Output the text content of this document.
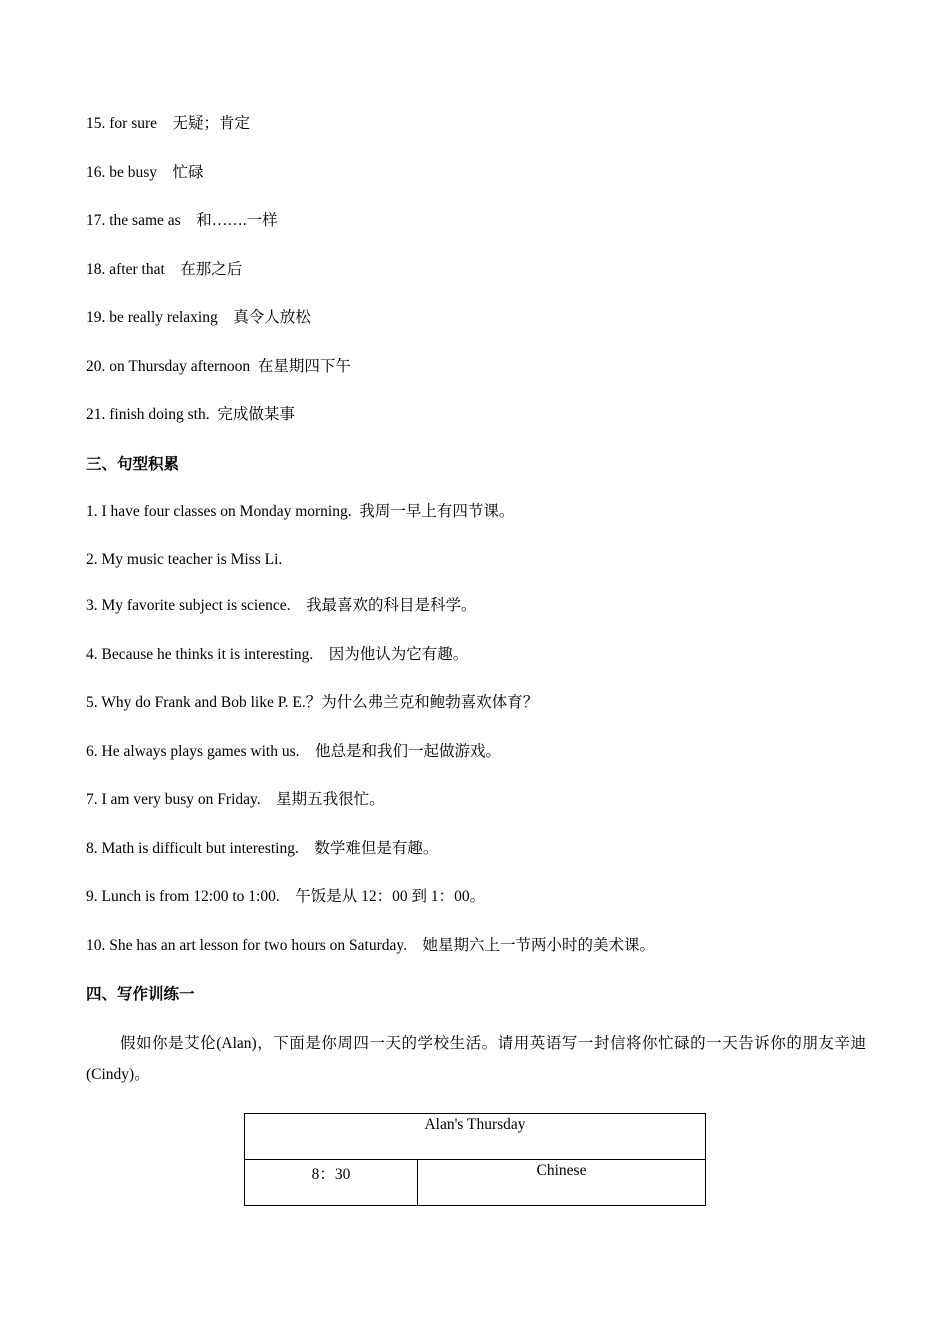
15. for sure　无疑；肯定
16. be busy　忙碌
17. the same as　和…….一样
18. after that　在那之后
19. be really relaxing　真令人放松
20. on Thursday afternoon  在星期四下午
21. finish doing sth.  完成做某事
三、句型积累
1. I have four classes on Monday morning.  我周一早上有四节课。
2. My music teacher is Miss Li.
3. My favorite subject is science.　我最喜欢的科目是科学。
4. Because he thinks it is interesting.　因为他认为它有趣。
5. Why do Frank and Bob like P. E.？为什么弗兰克和鲍勃喜欢体育？
6. He always plays games with us.　他总是和我们一起做游戏。
7. I am very busy on Friday.　星期五我很忙。
8. Math is difficult but interesting.　数学难但是有趣。
9. Lunch is from 12:00 to 1:00.　午饭是从 12：00 到 1：00。
10. She has an art lesson for two hours on Saturday.　她星期六上一节两小时的美术课。
四、写作训练一
假如你是艾伦(Alan)，下面是你周四一天的学校生活。请用英语写一封信将你忙碌的一天告诉你的朋友辛迪(Cindy)。
Alan's Thursday
8：30	Chinese
